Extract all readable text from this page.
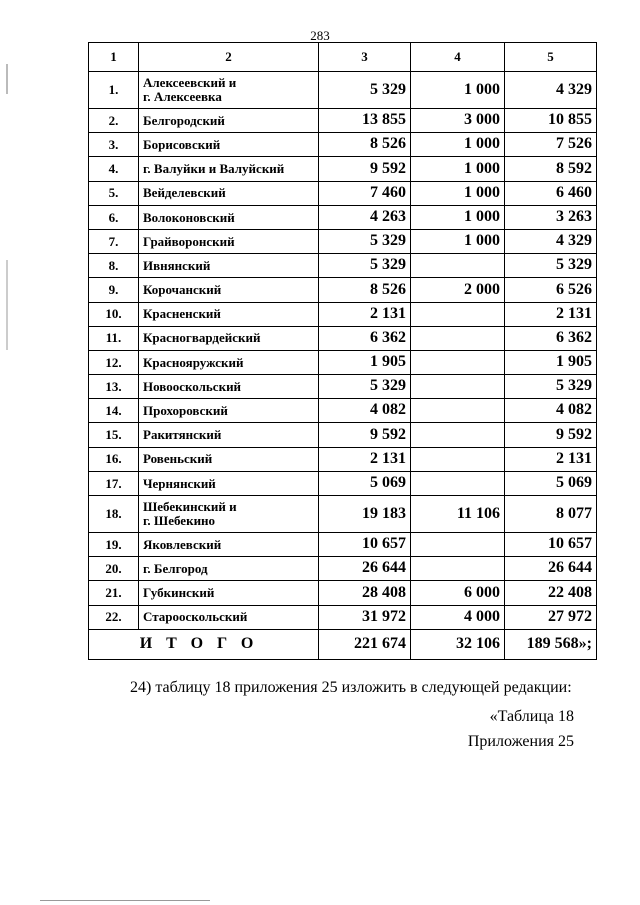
283
1	2	3	4	5
1.	Алексеевский и
г. Алексеевка	5 329	1 000	4 329
2.	Белгородский	13 855	3 000	10 855
3.	Борисовский	8 526	1 000	7 526
4.	г. Валуйки и Валуйский	9 592	1 000	8 592
5.	Вейделевский	7 460	1 000	6 460
6.	Волоконовский	4 263	1 000	3 263
7.	Грайворонский	5 329	1 000	4 329
8.	Ивнянский	5 329		5 329
9.	Корочанский	8 526	2 000	6 526
10.	Красненский	2 131		2 131
11.	Красногвардейский	6 362		6 362
12.	Краснояружский	1 905		1 905
13.	Новооскольский	5 329		5 329
14.	Прохоровский	4 082		4 082
15.	Ракитянский	9 592		9 592
16.	Ровеньский	2 131		2 131
17.	Чернянский	5 069		5 069
18.	Шебекинский и
г. Шебекино	19 183	11 106	8 077
19.	Яковлевский	10 657		10 657
20.	г. Белгород	26 644		26 644
21.	Губкинский	28 408	6 000	22 408
22.	Старооскольский	31 972	4 000	27 972
ИТОГО		221 674	32 106	189 568»;
24) таблицу 18 приложения 25 изложить в следующей редакции:
«Таблица 18
Приложения 25
